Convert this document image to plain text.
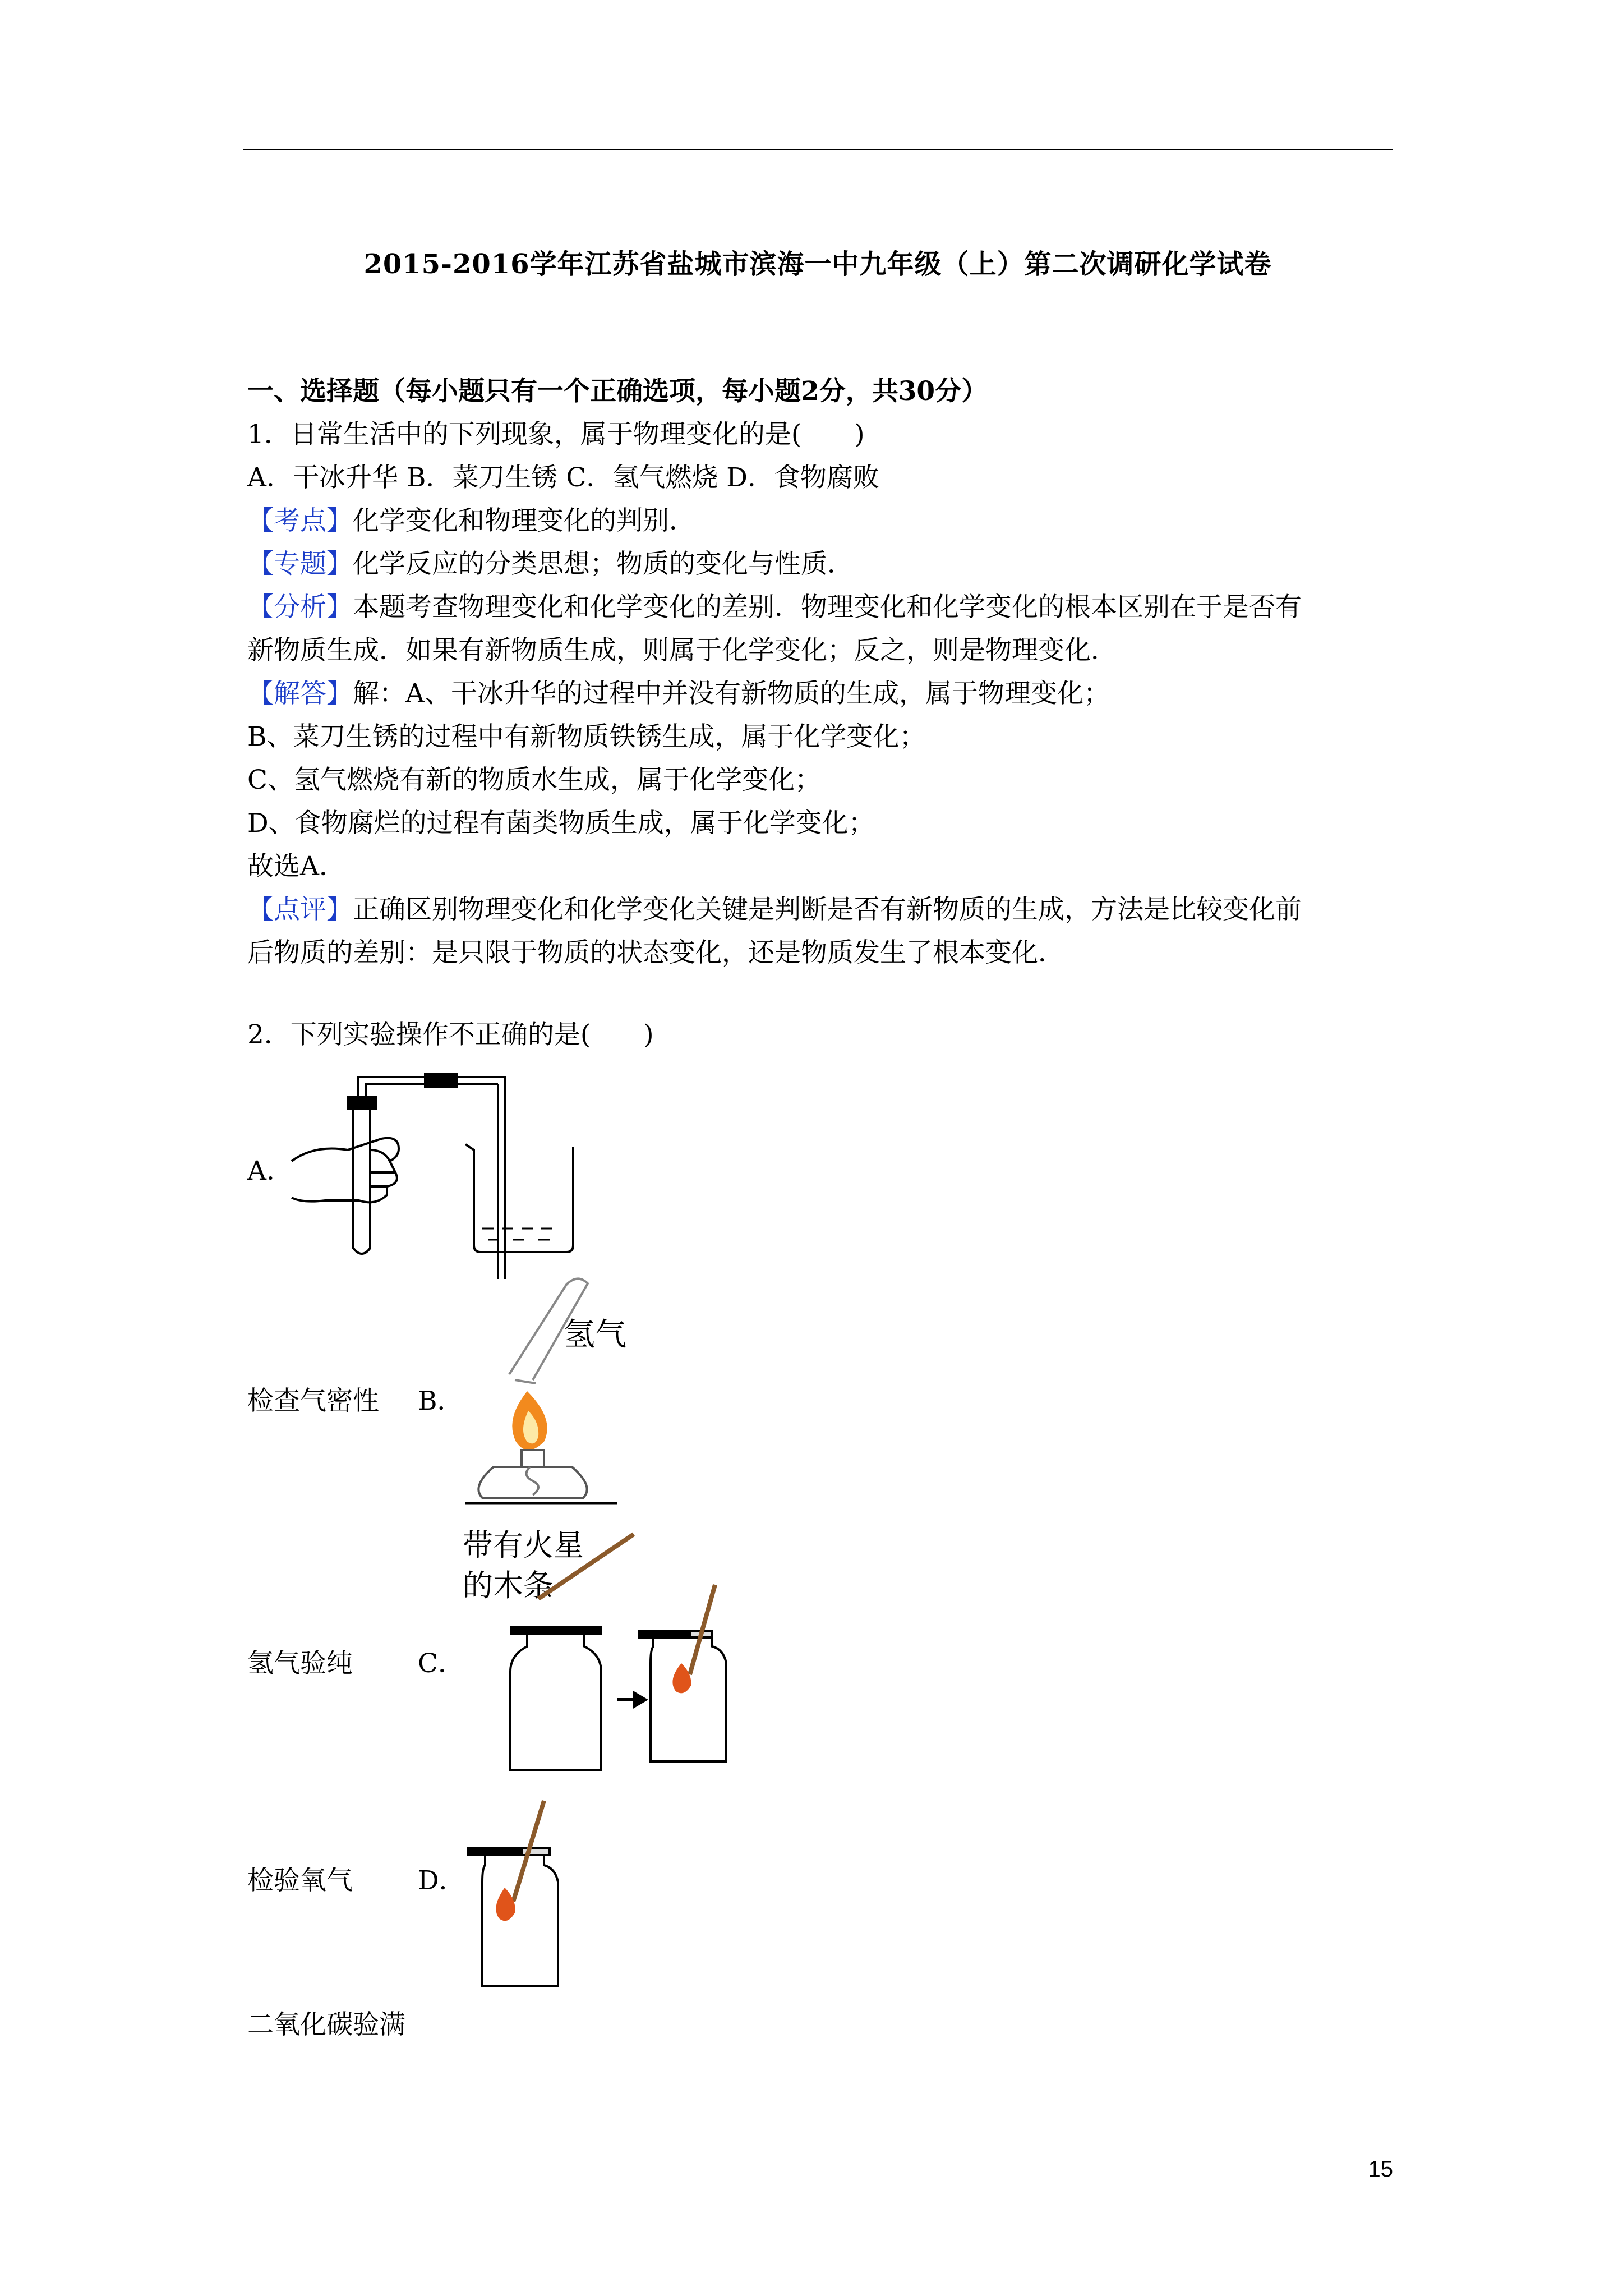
2015-2016学年江苏省盐城市滨海一中九年级（上）第二次调研化学试卷
一、选择题（每小题只有一个正确选项，每小题2分，共30分）
1．日常生活中的下列现象，属于物理变化的是(　　)
A．干冰升华 B．菜刀生锈 C．氢气燃烧 D．食物腐败
【考点】化学变化和物理变化的判别．
【专题】化学反应的分类思想；物质的变化与性质．
【分析】本题考查物理变化和化学变化的差别．物理变化和化学变化的根本区别在于是否有
新物质生成．如果有新物质生成，则属于化学变化；反之，则是物理变化．
【解答】解：A、干冰升华的过程中并没有新物质的生成，属于物理变化；
B、菜刀生锈的过程中有新物质铁锈生成，属于化学变化；
C、氢气燃烧有新的物质水生成，属于化学变化；
D、食物腐烂的过程有菌类物质生成，属于化学变化；
故选A．
【点评】正确区别物理变化和化学变化关键是判断是否有新物质的生成，方法是比较变化前
后物质的差别：是只限于物质的状态变化，还是物质发生了根本变化．
2．下列实验操作不正确的是(　　)
A．
检查气密性 B．
氢气
氢气验纯 C．
带有火星
的木条
检验氧气 D．
二氧化碳验满
15
